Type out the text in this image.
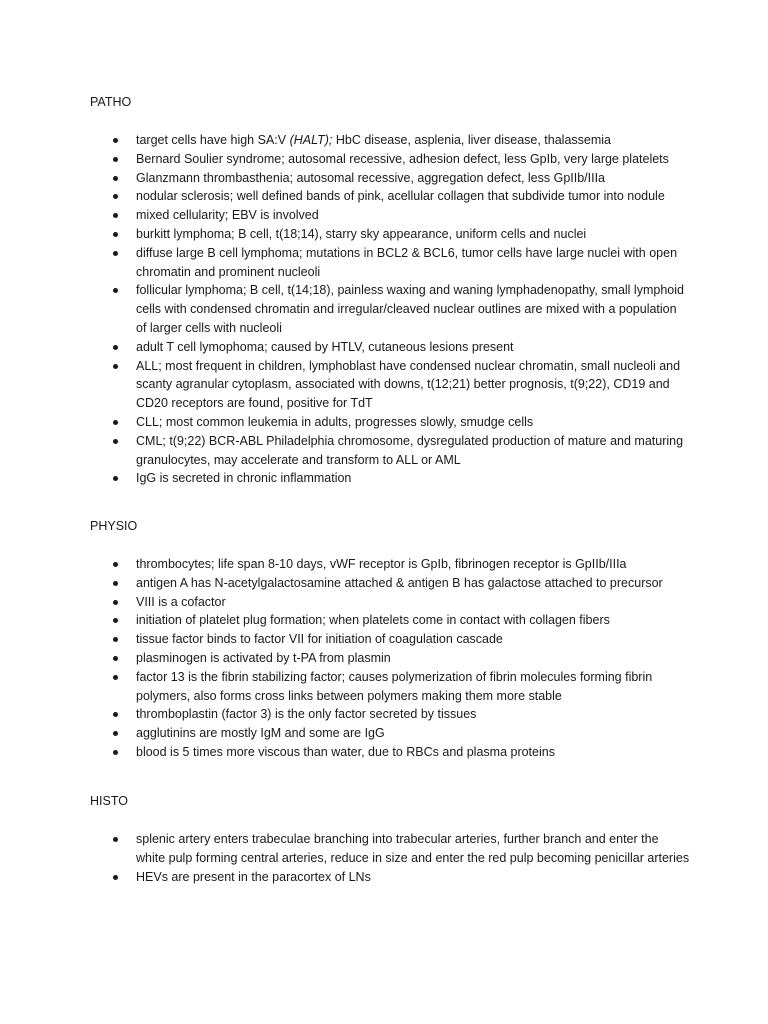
PATHO
target cells have high SA:V (HALT); HbC disease, asplenia, liver disease, thalassemia
Bernard Soulier syndrome; autosomal recessive, adhesion defect, less GpIb, very large platelets
Glanzmann thrombasthenia; autosomal recessive, aggregation defect, less GpIIb/IIIa
nodular sclerosis; well defined bands of pink, acellular collagen that subdivide tumor into nodule
mixed cellularity; EBV is involved
burkitt lymphoma; B cell, t(18;14), starry sky appearance, uniform cells and nuclei
diffuse large B cell lymphoma; mutations in BCL2 & BCL6, tumor cells have large nuclei with open chromatin and prominent nucleoli
follicular lymphoma; B cell, t(14;18), painless waxing and waning lymphadenopathy, small lymphoid cells with condensed chromatin and irregular/cleaved nuclear outlines are mixed with a population of larger cells with nucleoli
adult T cell lymophoma; caused by HTLV, cutaneous lesions present
ALL; most frequent in children, lymphoblast have condensed nuclear chromatin, small nucleoli and scanty agranular cytoplasm, associated with downs, t(12;21) better prognosis, t(9;22), CD19 and CD20 receptors are found, positive for TdT
CLL; most common leukemia in adults, progresses slowly, smudge cells
CML; t(9;22) BCR-ABL Philadelphia chromosome, dysregulated production of mature and maturing granulocytes, may accelerate and transform to ALL or AML
IgG is secreted in chronic inflammation
PHYSIO
thrombocytes; life span 8-10 days, vWF receptor is GpIb, fibrinogen receptor is GpIIb/IIIa
antigen A has N-acetylgalactosamine attached & antigen B has galactose attached to precursor
VIII is a cofactor
initiation of platelet plug formation; when platelets come in contact with collagen fibers
tissue factor binds to factor VII for initiation of coagulation cascade
plasminogen is activated by t-PA from plasmin
factor 13 is the fibrin stabilizing factor; causes polymerization of fibrin molecules forming fibrin polymers, also forms cross links between polymers making them more stable
thromboplastin (factor 3) is the only factor secreted by tissues
agglutinins are mostly IgM and some are IgG
blood is 5 times more viscous than water, due to RBCs and plasma proteins
HISTO
splenic artery enters trabeculae branching into trabecular arteries, further branch and enter the white pulp forming central arteries, reduce in size and enter the red pulp becoming penicillar arteries
HEVs are present in the paracortex of LNs
